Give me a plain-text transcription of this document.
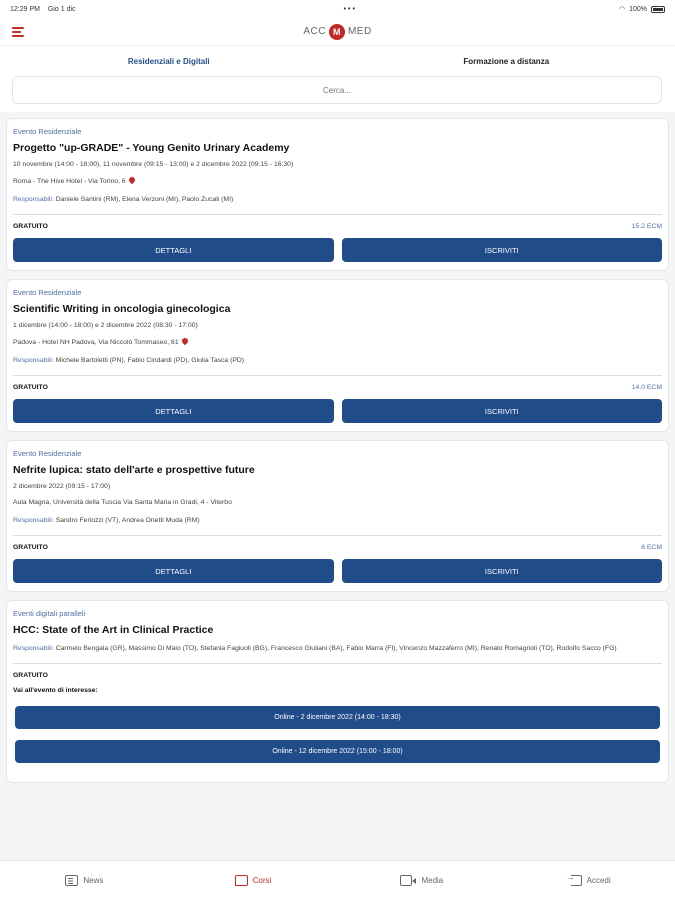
12:29 PM Gio 1 dic	•••	◠ 100%
ACC M MED
Residenziali e Digitali	Formazione a distanza
Cerca...
Evento Residenziale
Progetto "up-GRADE" - Young Genito Urinary Academy
10 novembre (14:00 - 18:00), 11 novembre (09:15 - 13:00) e 2 dicembre 2022 (09:15 - 16:30)
Roma - The Hive Hotel - Via Torino, 6
Responsabili: Daniele Santini (RM), Elena Verzoni (MI), Paolo Zucali (MI)
GRATUITO	15.2 ECM
DETTAGLI	ISCRIVITI
Evento Residenziale
Scientific Writing in oncologia ginecologica
1 dicembre (14:00 - 18:00) e 2 dicembre 2022 (08:30 - 17:00)
Padova - Hotel NH Padova, Via Niccolò Tommaseo, 61
Responsabili: Michele Bartoletti (PN), Fabio Cindardi (PD), Giulia Tasca (PD)
GRATUITO	14.0 ECM
DETTAGLI	ISCRIVITI
Evento Residenziale
Nefrite lupica: stato dell'arte e prospettive future
2 dicembre 2022 (09:15 - 17:00)
Aula Magna, Università della Tuscia Via Santa Maria in Gradi, 4 - Viterbo
Responsabili: Sandro Feriozzi (VT), Andrea Onetti Muda (RM)
GRATUITO	6 ECM
DETTAGLI	ISCRIVITI
Eventi digitali paralleli
HCC: State of the Art in Clinical Practice
Responsabili: Carmelo Bengala (GR), Massimo Di Maio (TO), Stefania Fagiuoli (BG), Francesco Giuliani (BA), Fabio Marra (FI), Vincenzo Mazzaferro (MI), Renato Romagnoli (TO), Rodolfo Sacco (FG)
GRATUITO
Vai all'evento di interesse:
Online - 2 dicembre 2022 (14:00 - 18:30)
Online - 12 dicembre 2022 (15:00 - 18:00)
News	Corsi	Media
→	Accedi
